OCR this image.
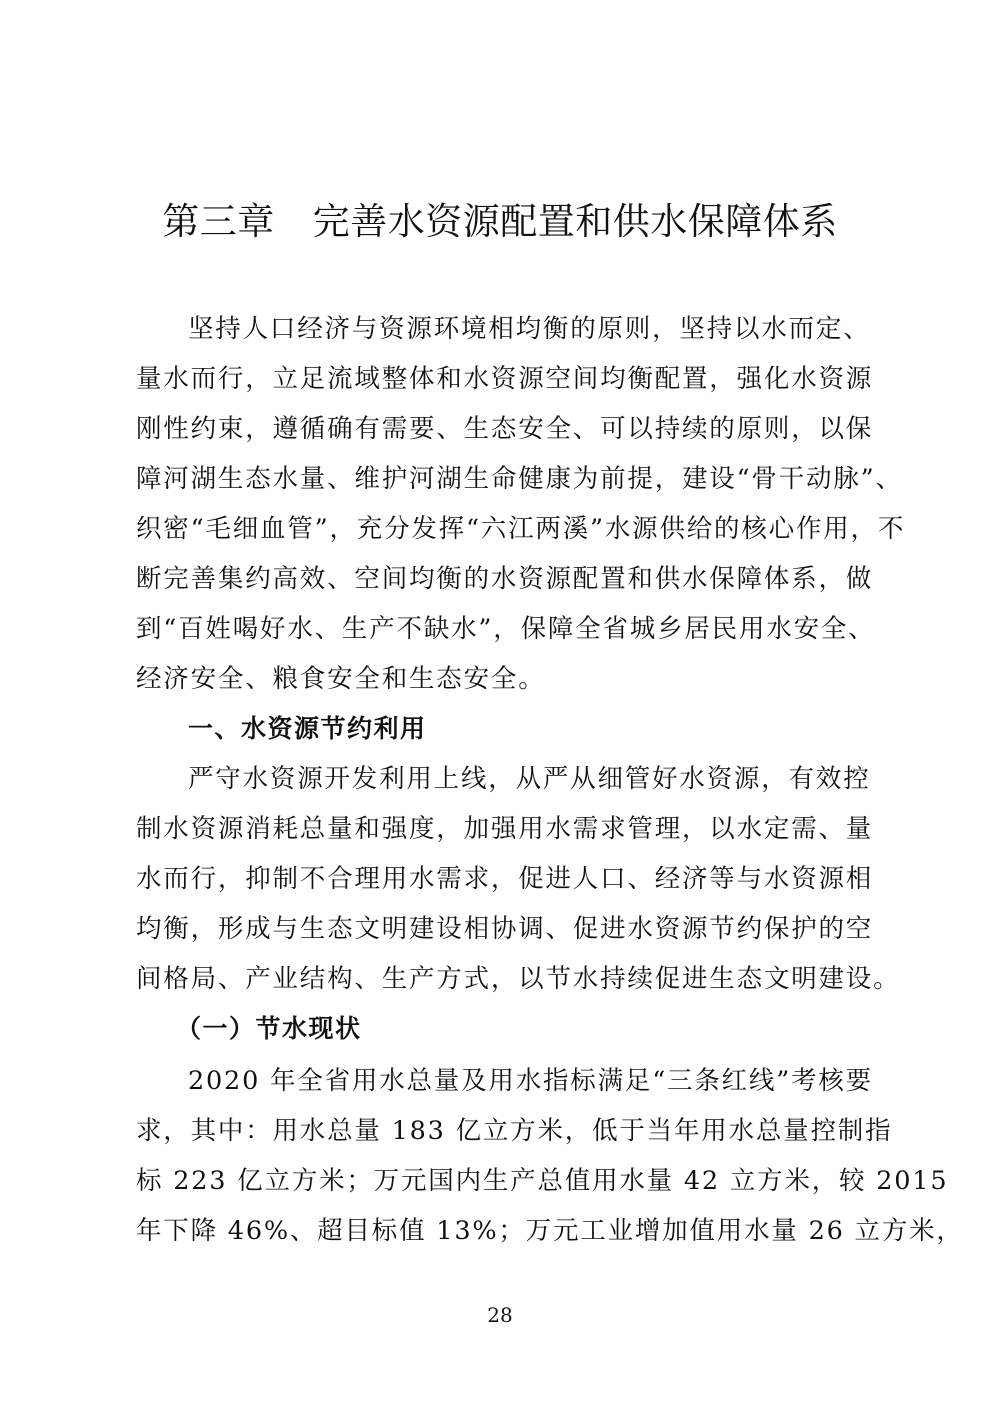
第三章 完善水资源配置和供水保障体系
坚持人口经济与资源环境相均衡的原则，坚持以水而定、
量水而行，立足流域整体和水资源空间均衡配置，强化水资源
刚性约束，遵循确有需要、生态安全、可以持续的原则，以保
障河湖生态水量、维护河湖生命健康为前提，建设“骨干动脉”、
织密“毛细血管”，充分发挥“六江两溪”水源供给的核心作用，不
断完善集约高效、空间均衡的水资源配置和供水保障体系，做
到“百姓喝好水、生产不缺水”，保障全省城乡居民用水安全、
经济安全、粮食安全和生态安全。
一、水资源节约利用
严守水资源开发利用上线，从严从细管好水资源，有效控
制水资源消耗总量和强度，加强用水需求管理，以水定需、量
水而行，抑制不合理用水需求，促进人口、经济等与水资源相
均衡，形成与生态文明建设相协调、促进水资源节约保护的空
间格局、产业结构、生产方式，以节水持续促进生态文明建设。
（一）节水现状
2020 年全省用水总量及用水指标满足“三条红线”考核要
求，其中：用水总量 183 亿立方米，低于当年用水总量控制指
标 223 亿立方米；万元国内生产总值用水量 42 立方米，较 2015
年下降 46%、超目标值 13%；万元工业增加值用水量 26 立方米，
28
